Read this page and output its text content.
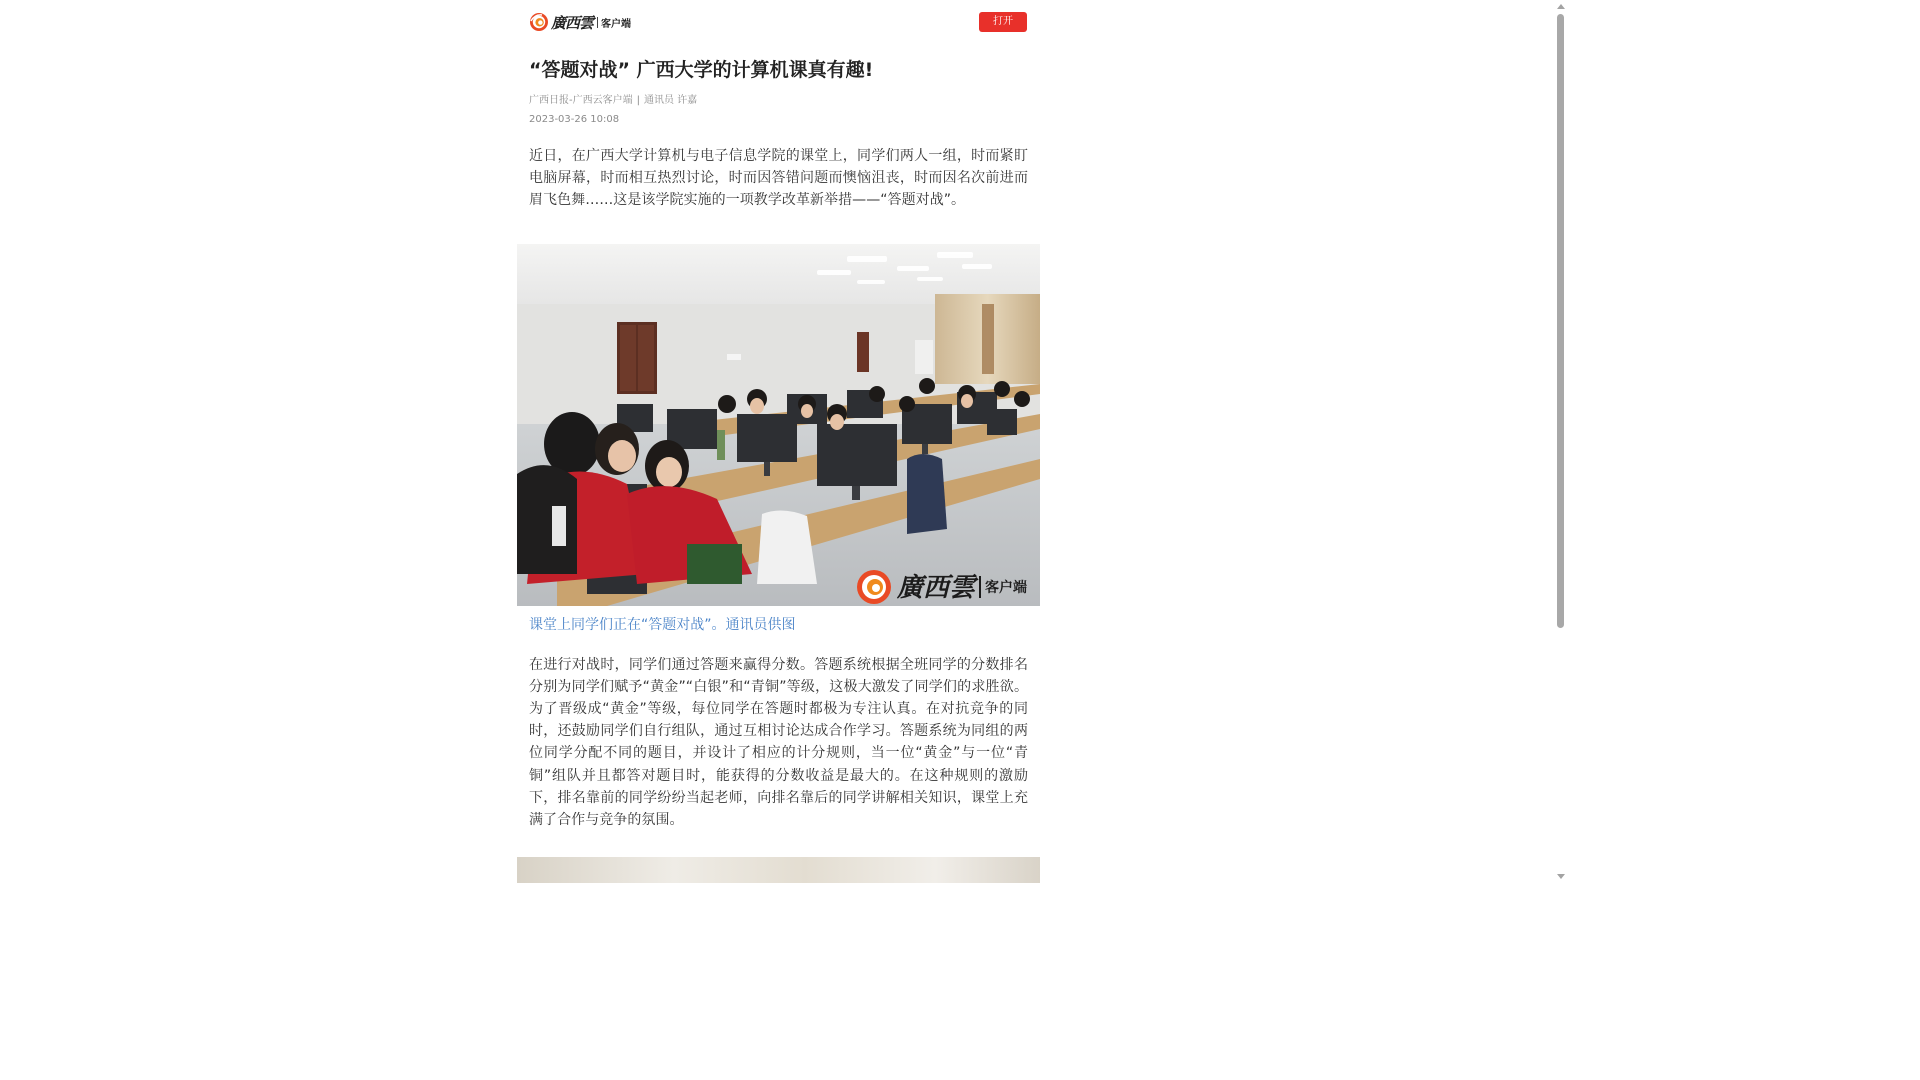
廣西雲 客户端	打开
“答题对战” 广西大学的计算机课真有趣!
广西日报-广西云客户端 | 通讯员 许嘉
2023-03-26 10:08

近日，在广西大学计算机与电子信息学院的课堂上，同学们两人一组，时而紧盯电脑屏幕，时而相互热烈讨论，时而因答错问题而懊恼沮丧，时而因名次前进而眉飞色舞……这是该学院实施的一项教学改革新举措——“答题对战”。

廣西雲 客户端
课堂上同学们正在“答题对战”。通讯员供图

在进行对战时，同学们通过答题来赢得分数。答题系统根据全班同学的分数排名分别为同学们赋予“黄金”“白银”和“青铜”等级，这极大激发了同学们的求胜欲。为了晋级成“黄金”等级，每位同学在答题时都极为专注认真。在对抗竞争的同时，还鼓励同学们自行组队，通过互相讨论达成合作学习。答题系统为同组的两位同学分配不同的题目，并设计了相应的计分规则，当一位“黄金”与一位“青铜”组队并且都答对题目时，能获得的分数收益是最大的。在这种规则的激励下，排名靠前的同学纷纷当起老师，向排名靠后的同学讲解相关知识，课堂上充满了合作与竞争的氛围。
